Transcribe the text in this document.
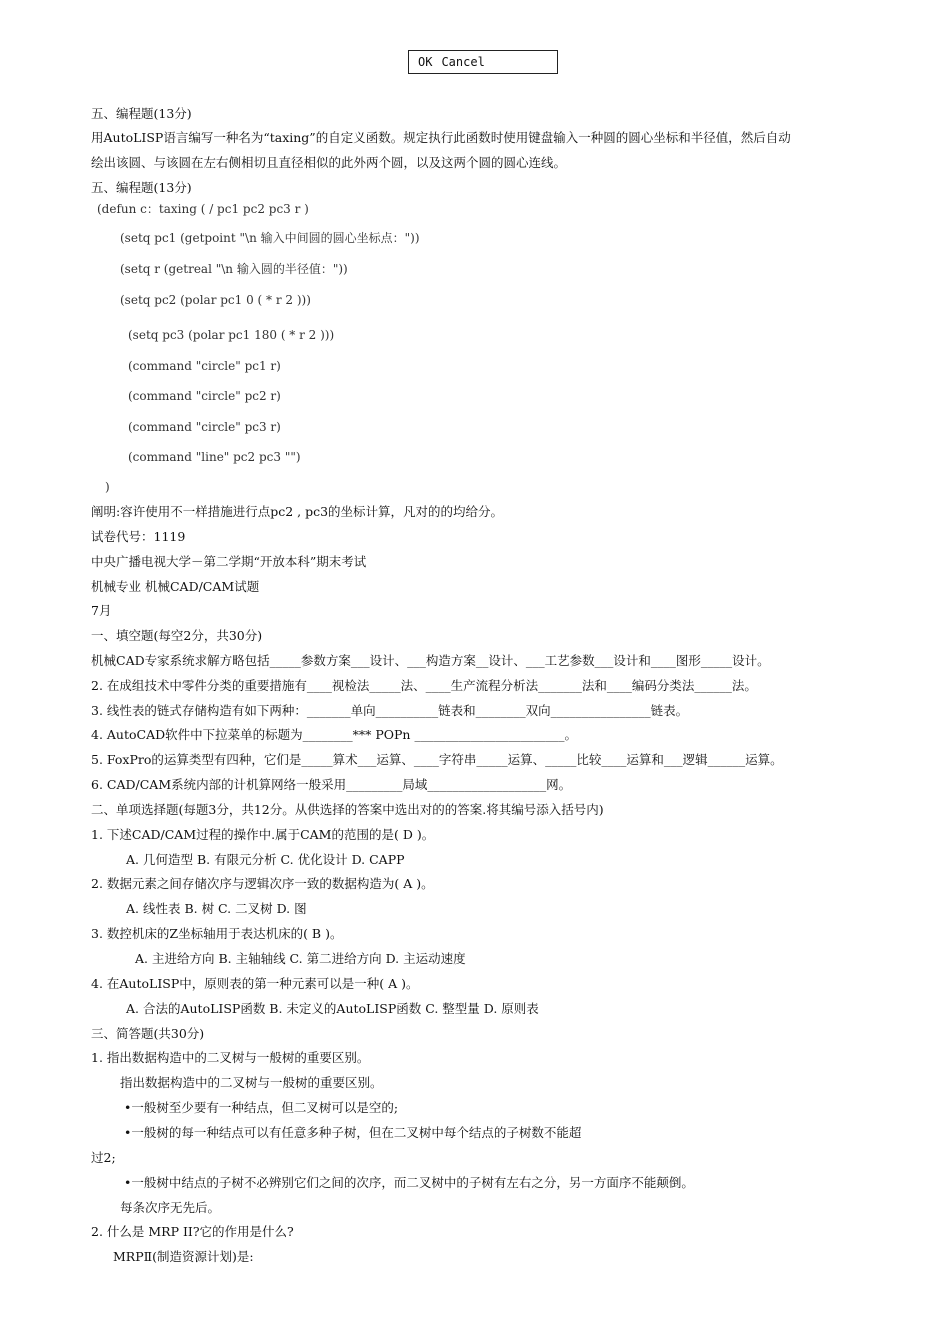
OK Cancel
五、编程题(13分)
用AutoLISP语言编写一种名为“taxing”的自定义函数。规定执行此函数时使用键盘输入一种圆的圆心坐标和半径值，然后自动
绘出该圆、与该圆在左右侧相切且直径相似的此外两个圆，以及这两个圆的圆心连线。
五、编程题(13分)
(defun c：taxing ( / pc1 pc2 pc3 r )
(setq pc1 (getpoint "\n 输入中间圆的圆心坐标点："))
(setq r (getreal "\n 输入圆的半径值："))
(setq pc2 (polar pc1 0 ( * r 2 )))
(setq pc3 (polar pc1 180 ( * r 2 )))
(command "circle" pc1 r)
(command "circle" pc2 r)
(command "circle" pc3 r)
(command "line" pc2 pc3 "")
)
阐明:容许使用不一样措施进行点pc2 , pc3的坐标计算，凡对的的均给分。
试卷代号：1119
中央广播电视大学－第二学期“开放本科”期末考试
机械专业 机械CAD/CAM试题
7月
一、填空题(每空2分，共30分)
机械CAD专家系统求解方略包括_____参数方案___设计、___构造方案__设计、___工艺参数___设计和____图形_____设计。
2. 在成组技术中零件分类的重要措施有____视检法_____法、____生产流程分析法_______法和____编码分类法______法。
3. 线性表的链式存储构造有如下两种：_______单向__________链表和________双向________________链表。
4. AutoCAD软件中下拉菜单的标题为________*** POPn ________________________。
5. FoxPro的运算类型有四种，它们是_____算术___运算、____字符串_____运算、_____比较____运算和___逻辑______运算。
6. CAD/CAM系统内部的计机算网络一般采用_________局域___________________网。
二、单项选择题(每题3分，共12分。从供选择的答案中选出对的的答案.将其编号添入括号内)
1. 下述CAD/CAM过程的操作中.属于CAM的范围的是( D )。
A. 几何造型 B. 有限元分析 C. 优化设计 D. CAPP
2. 数据元素之间存储次序与逻辑次序一致的数据构造为( A )。
A. 线性表 B. 树 C. 二叉树 D. 图
3. 数控机床的Z坐标轴用于表达机床的( B )。
A. 主进给方向 B. 主轴轴线 C. 第二进给方向 D. 主运动速度
4. 在AutoLISP中，原则表的第一种元素可以是一种( A )。
A. 合法的AutoLISP函数 B. 未定义的AutoLISP函数 C. 整型量 D. 原则表
三、简答题(共30分)
1. 指出数据构造中的二叉树与一般树的重要区别。
指出数据构造中的二叉树与一般树的重要区别。
•一般树至少要有一种结点，但二叉树可以是空的;
•一般树的每一种结点可以有任意多种子树，但在二叉树中每个结点的子树数不能超
过2;
•一般树中结点的子树不必辨别它们之间的次序，而二叉树中的子树有左右之分，另一方面序不能颠倒。
每条次序无先后。
2. 什么是 MRP II?它的作用是什么?
MRPⅡ(制造资源计划)是:
